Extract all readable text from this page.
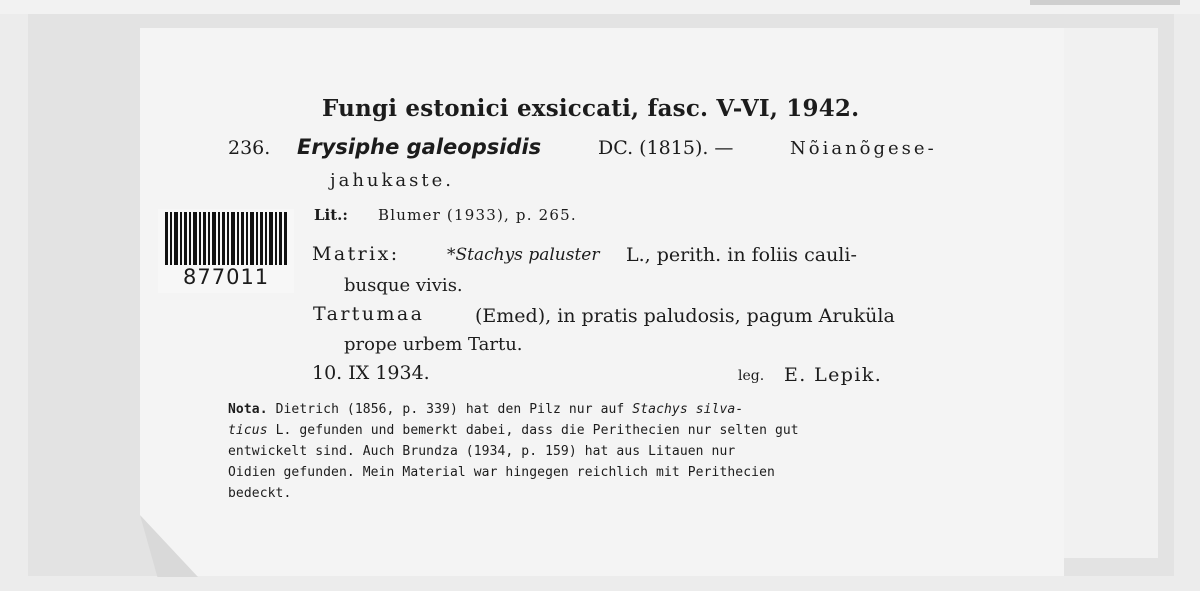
Fungi estonici exsiccati, fasc. V-VI, 1942.
236. Erysiphe galeopsidis	DC. (1815). —	Nõianõgese-
jahukaste.
877011
Lit.: Blumer (1933), p. 265.
Matrix:	*Stachys paluster L., perith. in foliis cauli-
busque vivis.
Tartumaa	(Emed), in pratis paludosis, pagum Aruküla
prope urbem Tartu.
10. IX 1934.	leg. E. Lepik.
Nota. Dietrich (1856, p. 339) hat den Pilz nur auf Stachys silva-
ticus L. gefunden und bemerkt dabei, dass die Perithecien nur selten gut
entwickelt sind. Auch Brundza (1934, p. 159) hat aus Litauen nur
Oidien gefunden. Mein Material war hingegen reichlich mit Perithecien
bedeckt.
